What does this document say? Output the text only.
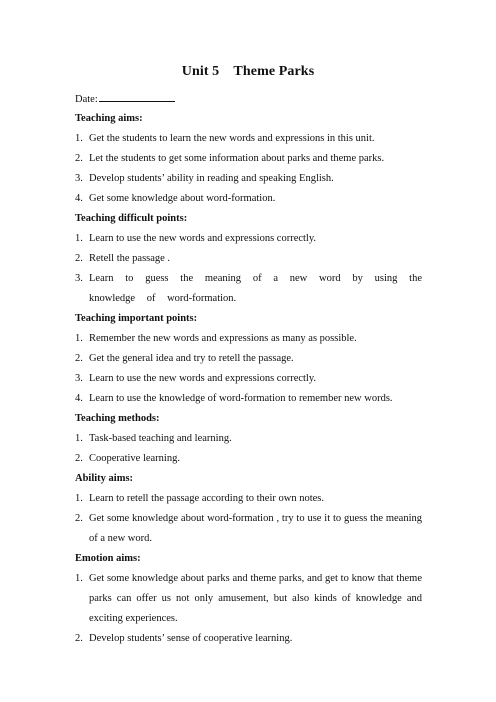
Unit 5    Theme Parks
Date:
Teaching aims:
1. Get the students to learn the new words and expressions in this unit.
2. Let the students to get some information about parks and theme parks.
3. Develop students’ ability in reading and speaking English.
4. Get some knowledge about word-formation.
Teaching difficult points:
1. Learn to use the new words and expressions correctly.
2. Retell the passage .
3. Learn to guess the meaning of a new word by using the knowledge of word-formation.
Teaching important points:
1. Remember the new words and expressions as many as possible.
2. Get the general idea and try to retell the passage.
3. Learn to use the new words and expressions correctly.
4. Learn to use the knowledge of word-formation to remember new words.
Teaching methods:
1. Task-based teaching and learning.
2. Cooperative learning.
Ability aims:
1. Learn to retell the passage according to their own notes.
2. Get some knowledge about word-formation , try to use it to guess the meaning of a new word.
Emotion aims:
1. Get some knowledge about parks and theme parks, and get to know that theme parks can offer us not only amusement, but also kinds of knowledge and exciting experiences.
2. Develop students’ sense of cooperative learning.
